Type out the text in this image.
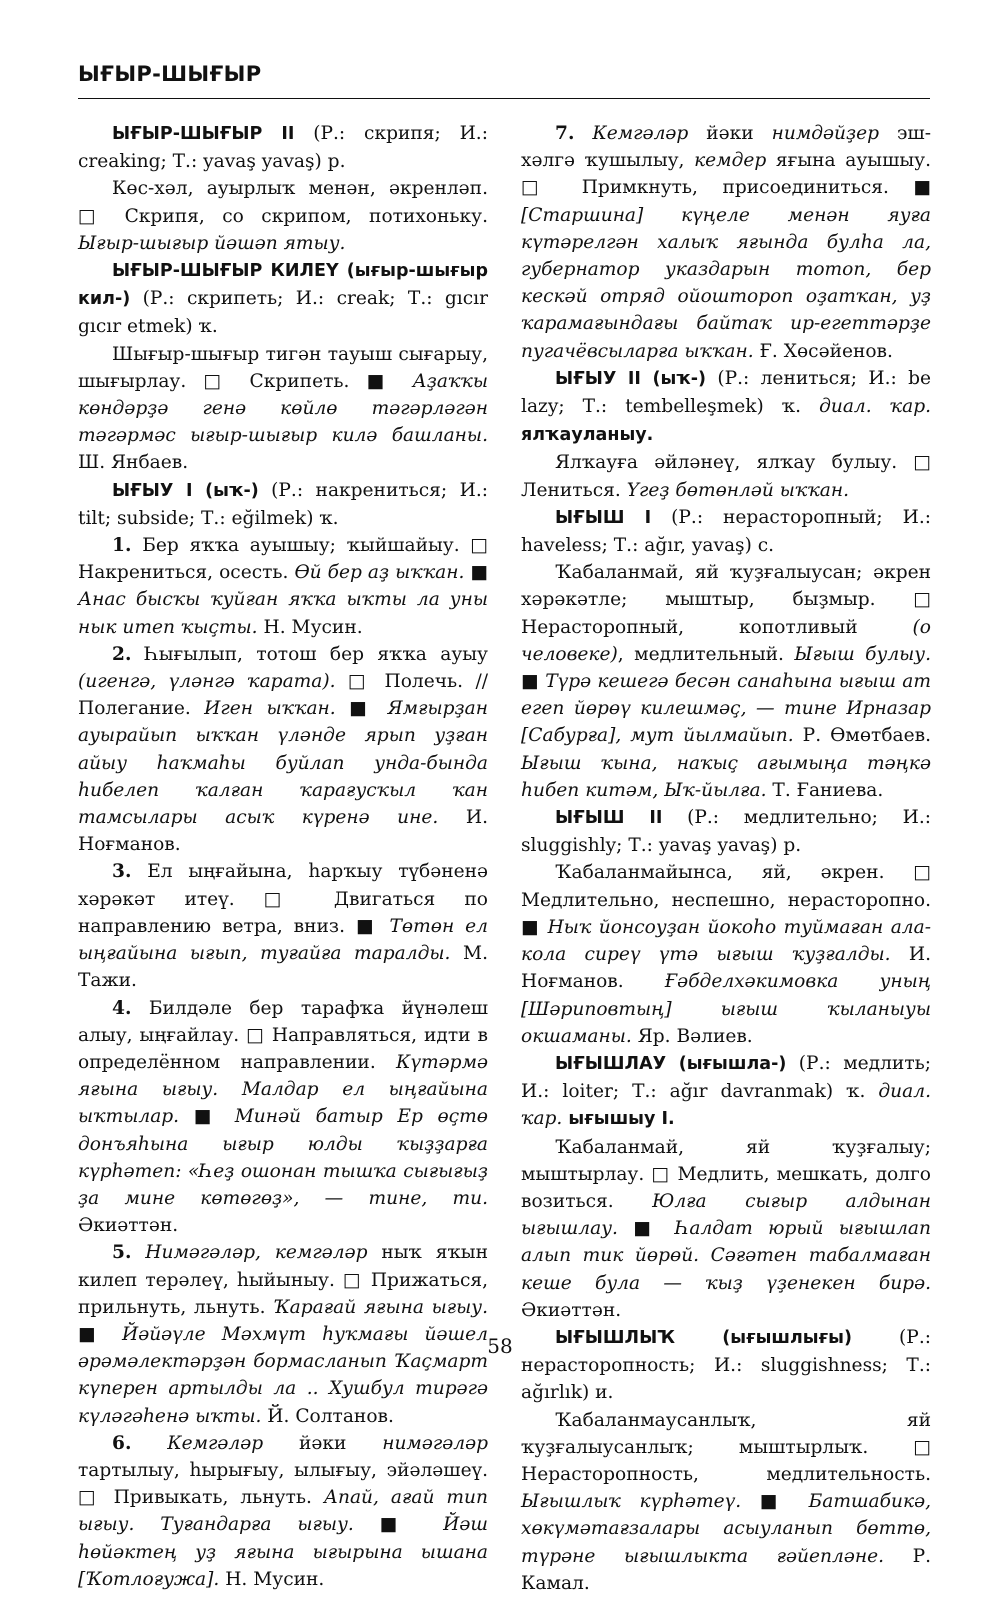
ЫҒЫР-ШЫҒЫР

ЫҒЫР-ШЫҒЫР II (Р.: скрипя; И.: creaking; Т.: yavaş yavaş) р.

Көс-хәл, ауырлыҡ менән, әкренләп. □ Скрипя, со скрипом, потихоньку. Ығыр-шығыр йәшәп ятыу.

ЫҒЫР-ШЫҒЫР КИЛЕҮ (ығыр-шығыр кил-) (Р.: скрипеть; И.: creak; Т.: gıcır gıcır etmek) ҡ.

Шығыр-шығыр тигән тауыш сығарыу, шығырлау. □ Скрипеть. ■ Аҙаҡҡы көндәрҙә генә көйлө тәгәрләгән тәгәрмәс ығыр-шығыр килә башланы. Ш. Янбаев.

ЫҒЫУ I (ыҡ-) (Р.: накрениться; И.: tilt; subside; Т.: eğilmek) ҡ.

1. Бер яҡҡа ауышыу; ҡыйшайыу. □ Накрениться, осесть. Өй бер аҙ ыҡҡан. ■ Анас бысҡы ҡуйған яҡҡа ыҡты ла уны нык итеп ҡыҫты. Н. Мусин.

2. Һығылып, тотош бер яҡҡа ауыу (игенгә, үләнгә ҡарата). □ Полечь. // Полегание. Иген ыҡҡан. ■ Ямғырҙан ауырайып ыҡҡан үләнде ярып уҙған айыу һаҡмаһы буйлап унда-бында һибелеп ҡалған ҡарағусҡыл ҡан тамсылары асыҡ күренә ине. И. Ноғманов.

3. Ел ыңғайына, һарҡыу түбәненә хәрәкәт итеү. □ Двигаться по направлению ветра, вниз. ■ Төтөн ел ыңғайына ығып, туғайға таралды. М. Тажи.

4. Билдәле бер тарафҡа йүнәлеш алыу, ыңғайлау. □ Направляться, идти в определённом направлении. Күтәрмә яғына ығыу. Малдар ел ыңғайына ыҡтылар. ■ Минәй батыр Ер өҫтө донъяһына ығыр юлды ҡыҙҙарға күрһәтеп: «Һеҙ ошонан тышҡа сығығыҙ ҙа мине көтөгөҙ», — тине, ти. Әкиәттән.

5. Нимәгәләр, кемгәләр ныҡ яҡын килеп терәлеү, һыйыныу. □ Прижаться, прильнуть, льнуть. Ҡарағай яғына ығыу. ■ Йәйәүле Мәхмүт һуҡмағы йәшел әрәмәлектәрҙән бормасланып Ҡаҫмарт күперен артылды ла .. Хушбул тирәгә күләгәһенә ыҡты. Й. Солтанов.

6. Кемгәләр йәки нимәгәләр тартылыу, һырығыу, ылығыу, эйәләшеү. □ Привыкать, льнуть. Апай, ағай тип ығыу. Туғандарға ығыу. ■ Йәш һөйәктең уҙ яғына ығырына ышана [Ҡотлоғужа]. Н. Мусин.

7. Кемгәләр йәки нимдәйҙер эш-хәлгә ҡушылыу, кемдер яғына ауышыу. □ Примкнуть, присоединиться. ■ [Старшина] күңеле менән яуға күтәрелгән халыҡ яғында булһа ла, губернатор указдарын тотоп, бер кескәй отряд ойоштороп оҙатҡан, уҙ ҡарамағындағы байтаҡ ир-егеттәрҙе пугачёвсыларға ыҡҡан. Ғ. Хөсәйенов.

ЫҒЫУ II (ыҡ-) (Р.: лениться; И.: be lazy; Т.: tembelleşmek) ҡ. диал. ҡар. ялҡауланыу.

Ялҡауға әйләнеү, ялҡау булыу. □ Лениться. Үгеҙ бөтөнләй ыҡҡан.

ЫҒЫШ I (Р.: нерасторопный; И.: haveless; Т.: ağır, yavaş) с.

Ҡабаланмай, яй ҡуҙғалыусан; әкрен хәрәкәтле; мыштыр, быҙмыр. □ Нерасторопный, копотливый (о человеке), медлительный. Ығыш булыу. ■ Түрә кешегә бесән санаһына ығыш ат егеп йөрөү килешмәҫ, — тине Ирназар [Сабурға], мут йылмайып. Р. Өмөтбаев. Ығыш ҡына, наҡыҫ ағымыңа тәңкә һибеп китәм, Ыҡ-йылға. Т. Ғаниева.

ЫҒЫШ II (Р.: медлительно; И.: sluggishly; Т.: yavaş yavaş) р.

Ҡабаланмайынса, яй, әкрен. □ Медлительно, неспешно, нерасторопно. ■ Ныҡ йонсоуҙан йокоһо туймаған ала-кола сиреү үтә ығыш ҡуҙғалды. И. Ноғманов. Ғәбделхәкимовка уның [Шәриповтың] ығыш ҡыланыуы окшаманы. Яр. Вәлиев.

ЫҒЫШЛАУ (ығышла-) (Р.: медлить; И.: loiter; Т.: ağır davranmak) ҡ. диал. ҡар. ығышыу I.

Ҡабаланмай, яй ҡуҙғалыу; мыштырлау. □ Медлить, мешкать, долго возиться. Юлға сығыр алдынан ығышлау. ■ Һалдат юрый ығышлап алып тик йөрөй. Сәғәтен табалмаған кеше була — ҡыҙ үҙенекен бирә. Әкиәттән.

ЫҒЫШЛЫҠ (ығышлығы) (Р.: нерасторопность; И.: sluggishness; Т.: ağırlık) и.

Ҡабаланмаусанлыҡ, яй ҡуҙғалыусанлыҡ; мыштырлыҡ. □ Нерасторопность, медлительность. Ығышлыҡ күрһәтеү. ■ Батшабикә, хөкүмәтағзалары асыуланып бөттө, түрәне ығышлыкта ғәйепләне. Р. Камал.

58
